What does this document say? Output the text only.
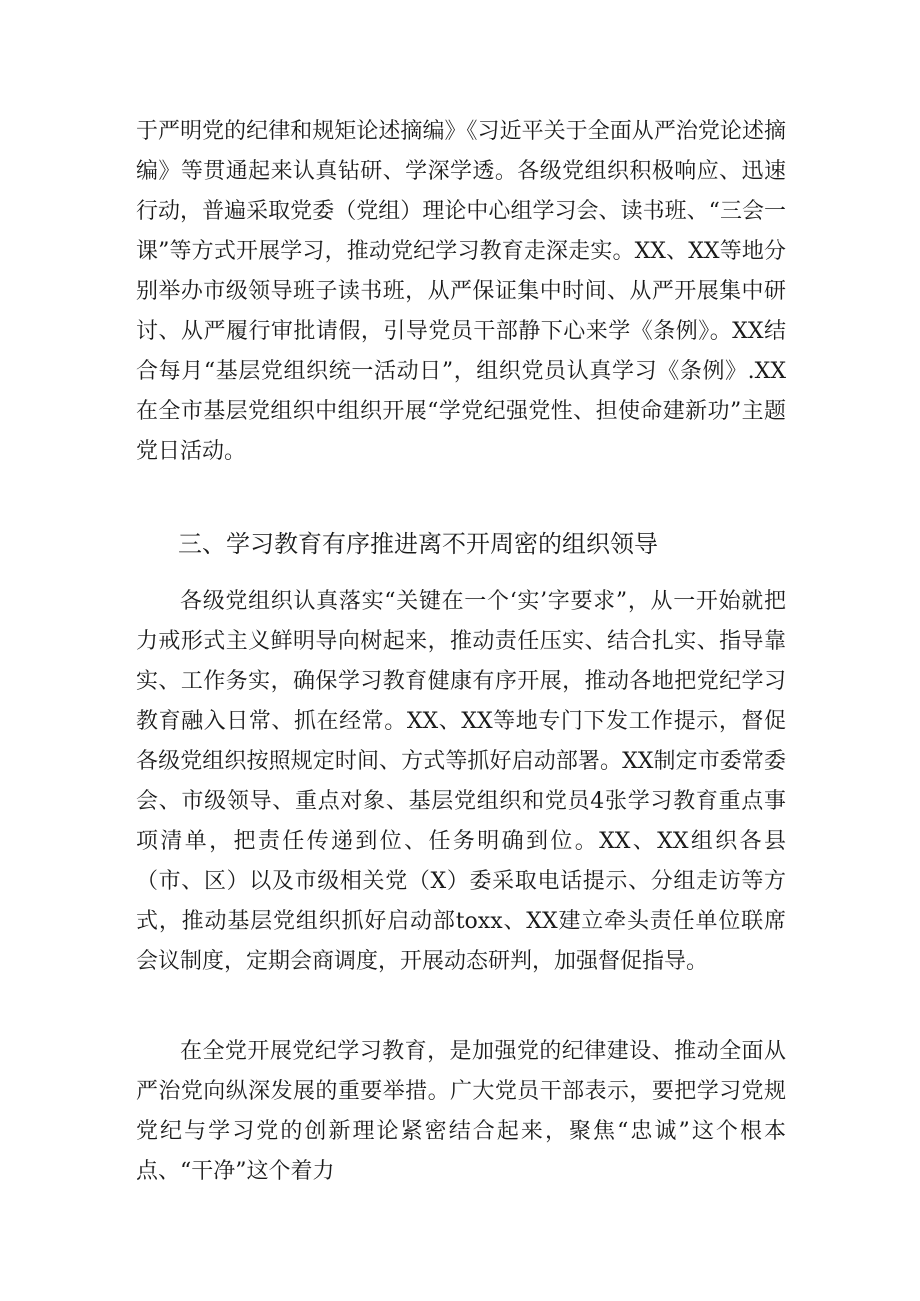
于严明党的纪律和规矩论述摘编》《习近平关于全面从严治党论述摘编》等贯通起来认真钻研、学深学透。各级党组织积极响应、迅速行动，普遍采取党委（党组）理论中心组学习会、读书班、“三会一课”等方式开展学习，推动党纪学习教育走深走实。XX、XX等地分别举办市级领导班子读书班，从严保证集中时间、从严开展集中研讨、从严履行审批请假，引导党员干部静下心来学《条例》。XX结合每月“基层党组织统一活动日”，组织党员认真学习《条例》.XX在全市基层党组织中组织开展“学党纪强党性、担使命建新功”主题党日活动。

三、学习教育有序推进离不开周密的组织领导

各级党组织认真落实“关键在一个‘实’字要求”，从一开始就把力戒形式主义鲜明导向树起来，推动责任压实、结合扎实、指导靠实、工作务实，确保学习教育健康有序开展，推动各地把党纪学习教育融入日常、抓在经常。XX、XX等地专门下发工作提示，督促各级党组织按照规定时间、方式等抓好启动部署。XX制定市委常委会、市级领导、重点对象、基层党组织和党员4张学习教育重点事项清单，把责任传递到位、任务明确到位。XX、XX组织各县（市、区）以及市级相关党（X）委采取电话提示、分组走访等方式，推动基层党组织抓好启动部toxx、XX建立牵头责任单位联席会议制度，定期会商调度，开展动态研判，加强督促指导。

在全党开展党纪学习教育，是加强党的纪律建设、推动全面从严治党向纵深发展的重要举措。广大党员干部表示，要把学习党规党纪与学习党的创新理论紧密结合起来，聚焦“忠诚”这个根本点、“干净”这个着力
